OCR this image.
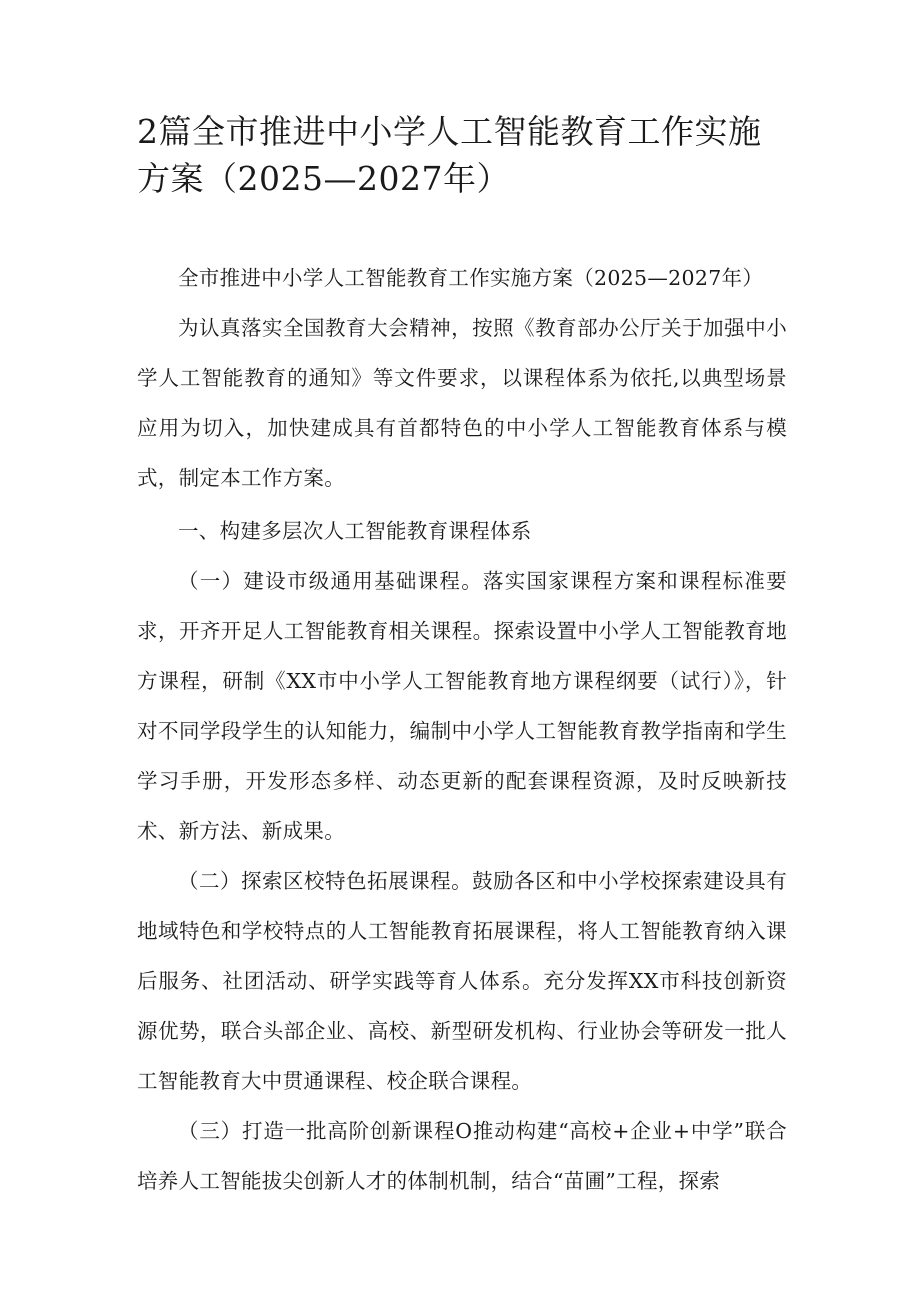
2篇全市推进中小学人工智能教育工作实施方案（2025—2027年）

全市推进中小学人工智能教育工作实施方案（2025—2027年）

为认真落实全国教育大会精神，按照《教育部办公厅关于加强中小学人工智能教育的通知》等文件要求，以课程体系为依托,以典型场景应用为切入，加快建成具有首都特色的中小学人工智能教育体系与模式，制定本工作方案。

一、构建多层次人工智能教育课程体系

（一）建设市级通用基础课程。落实国家课程方案和课程标准要求，开齐开足人工智能教育相关课程。探索设置中小学人工智能教育地方课程，研制《XX市中小学人工智能教育地方课程纲要（试行）》，针对不同学段学生的认知能力，编制中小学人工智能教育教学指南和学生学习手册，开发形态多样、动态更新的配套课程资源，及时反映新技术、新方法、新成果。

（二）探索区校特色拓展课程。鼓励各区和中小学校探索建设具有地域特色和学校特点的人工智能教育拓展课程，将人工智能教育纳入课后服务、社团活动、研学实践等育人体系。充分发挥XX市科技创新资源优势，联合头部企业、高校、新型研发机构、行业协会等研发一批人工智能教育大中贯通课程、校企联合课程。

（三）打造一批高阶创新课程O推动构建“高校+企业+中学”联合培养人工智能拔尖创新人才的体制机制，结合“苗圃”工程，探索
